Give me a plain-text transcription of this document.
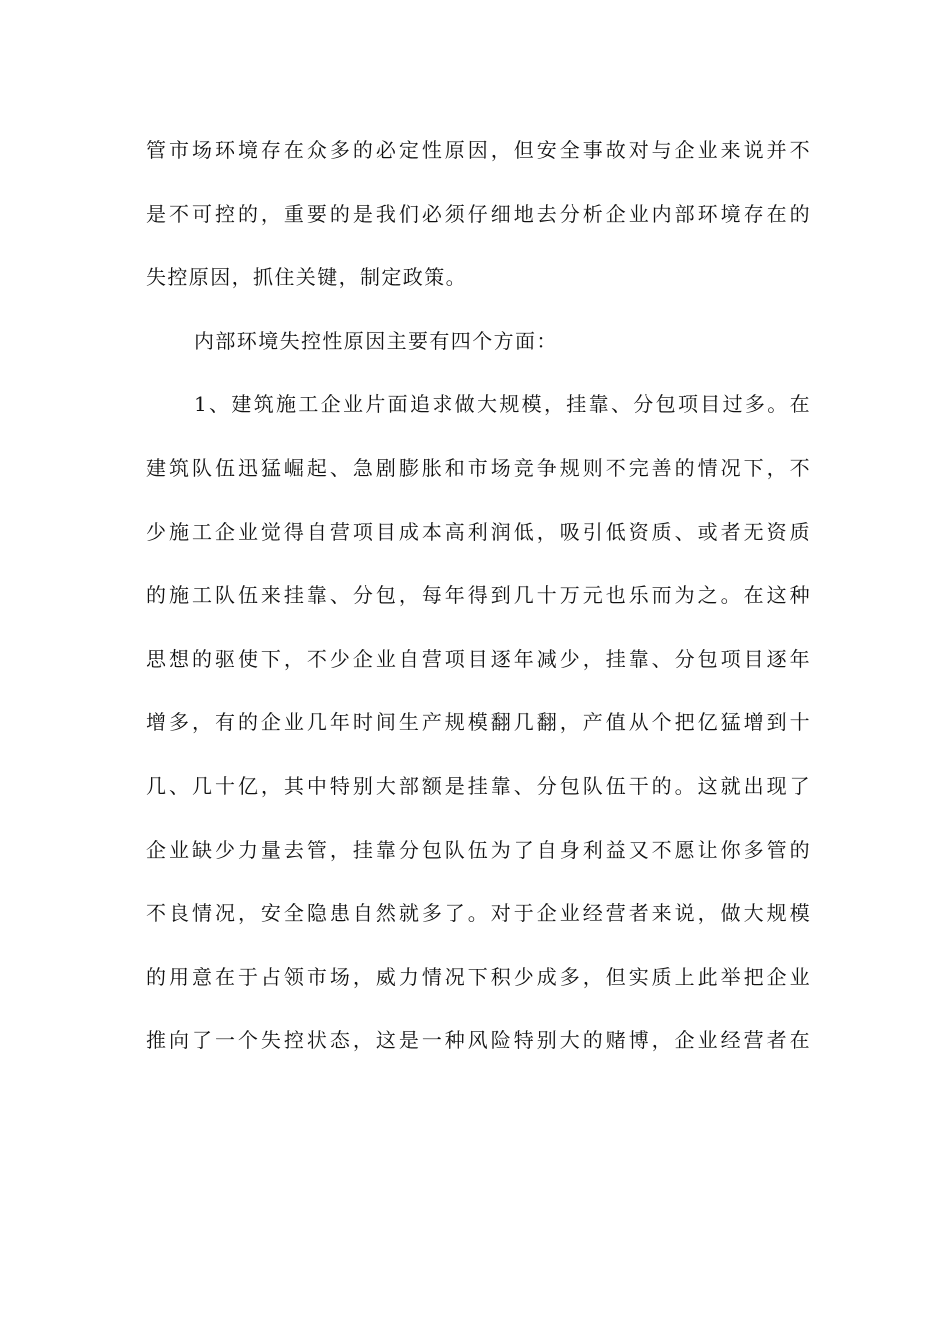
管市场环境存在众多的必定性原因，但安全事故对与企业来说并不
是不可控的，重要的是我们必须仔细地去分析企业内部环境存在的
失控原因，抓住关键，制定政策。
内部环境失控性原因主要有四个方面：
1、建筑施工企业片面追求做大规模，挂靠、分包项目过多。在
建筑队伍迅猛崛起、急剧膨胀和市场竞争规则不完善的情况下，不
少施工企业觉得自营项目成本高利润低，吸引低资质、或者无资质
的施工队伍来挂靠、分包，每年得到几十万元也乐而为之。在这种
思想的驱使下，不少企业自营项目逐年减少，挂靠、分包项目逐年
增多，有的企业几年时间生产规模翻几翻，产值从个把亿猛增到十
几、几十亿，其中特别大部额是挂靠、分包队伍干的。这就出现了
企业缺少力量去管，挂靠分包队伍为了自身利益又不愿让你多管的
不良情况，安全隐患自然就多了。对于企业经营者来说，做大规模
的用意在于占领市场，威力情况下积少成多，但实质上此举把企业
推向了一个失控状态，这是一种风险特别大的赌博，企业经营者在
